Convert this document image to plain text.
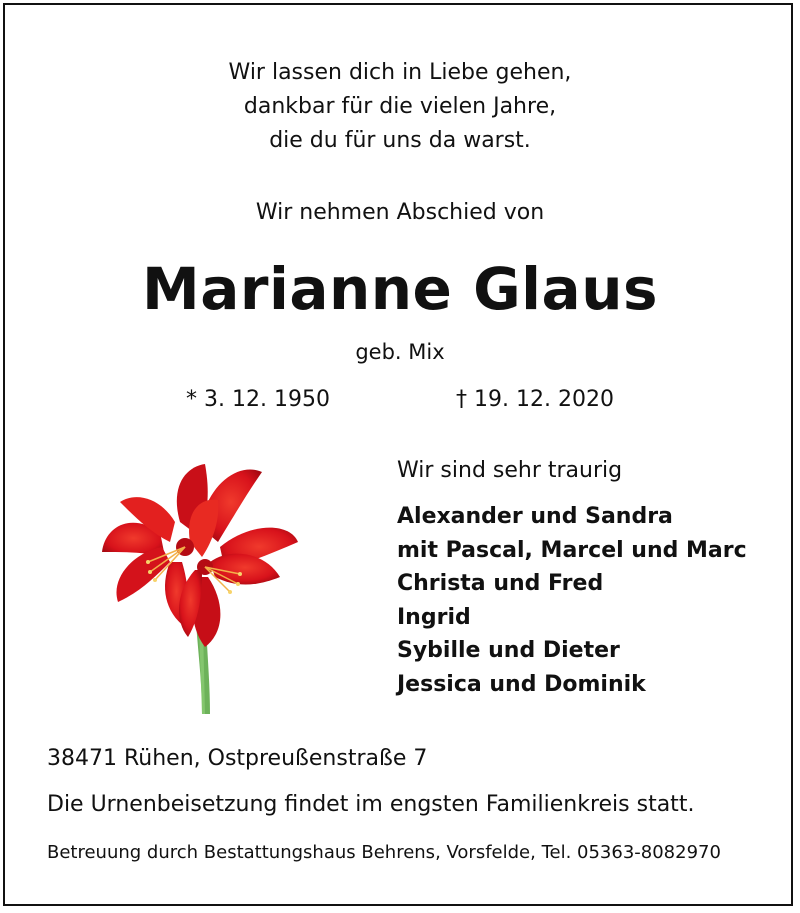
Wir lassen dich in Liebe gehen,
dankbar für die vielen Jahre,
die du für uns da warst.
Wir nehmen Abschied von
Marianne Glaus
geb. Mix
* 3. 12. 1950	† 19. 12. 2020
Wir sind sehr traurig
Alexander und Sandra
mit Pascal, Marcel und Marc
Christa und Fred
Ingrid
Sybille und Dieter
Jessica und Dominik
38471 Rühen, Ostpreußenstraße 7
Die Urnenbeisetzung findet im engsten Familienkreis statt.
Betreuung durch Bestattungshaus Behrens, Vorsfelde, Tel. 05363-8082970
